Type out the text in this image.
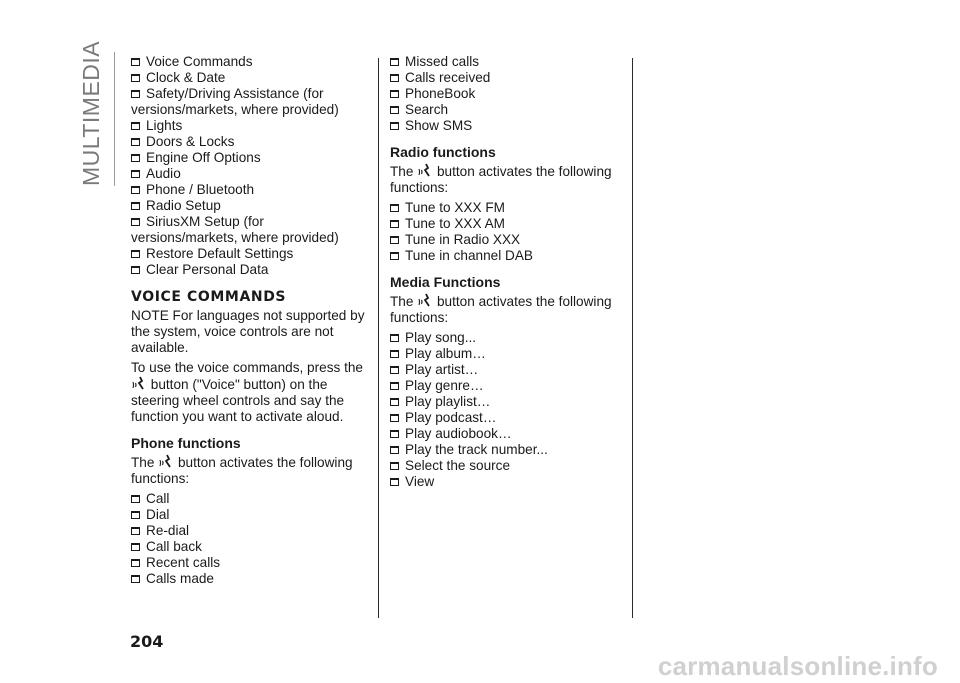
MULTIMEDIA	Voice Commands
Clock & Date
Safety/Driving Assistance (for versions/markets, where provided)
Lights
Doors & Locks
Engine Off Options
Audio
Phone / Bluetooth
Radio Setup
SiriusXM Setup (for versions/markets, where provided)
Restore Default Settings
Clear Personal Data
VOICE COMMANDS

NOTE For languages not supported by the system, voice controls are not available.

To use the voice commands, press the  button ("Voice" button) on the steering wheel controls and say the function you want to activate aloud.

Phone functions

The button activates the following functions:

Call
Dial
Re-dial
Call back
Recent calls
Calls made
Missed calls
Calls received
PhoneBook
Search
Show SMS
Radio functions

The button activates the following functions:

Tune to XXX FM
Tune to XXX AM
Tune in Radio XXX
Tune in channel DAB
Media Functions

The button activates the following functions:

Play song...
Play album…
Play artist…
Play genre…
Play playlist…
Play podcast…
Play audiobook…
Play the track number...
Select the source
View
204
carmanualsonline.info
